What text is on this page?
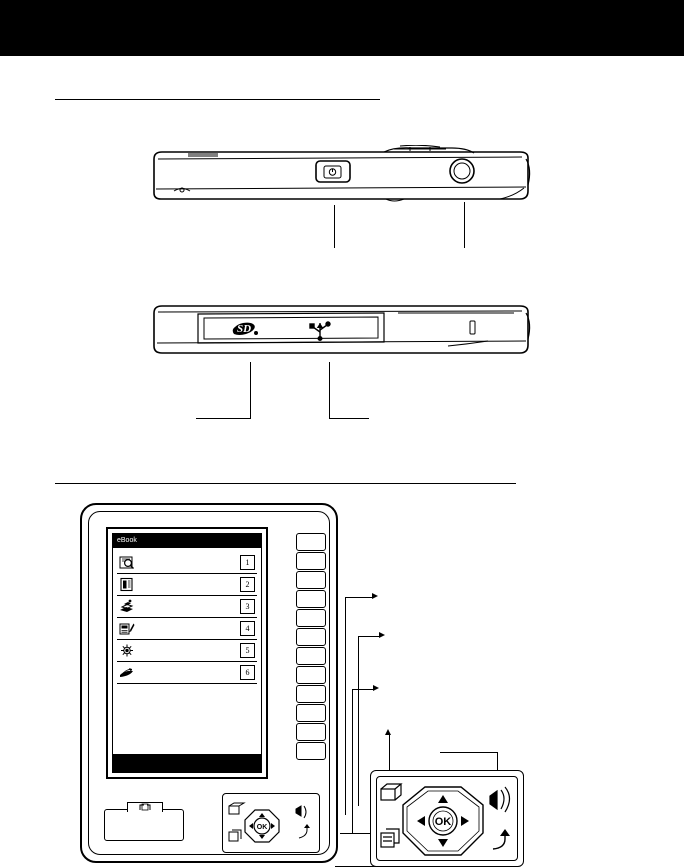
SD
eBook
1
2
3
4
5
6
OK	OK
